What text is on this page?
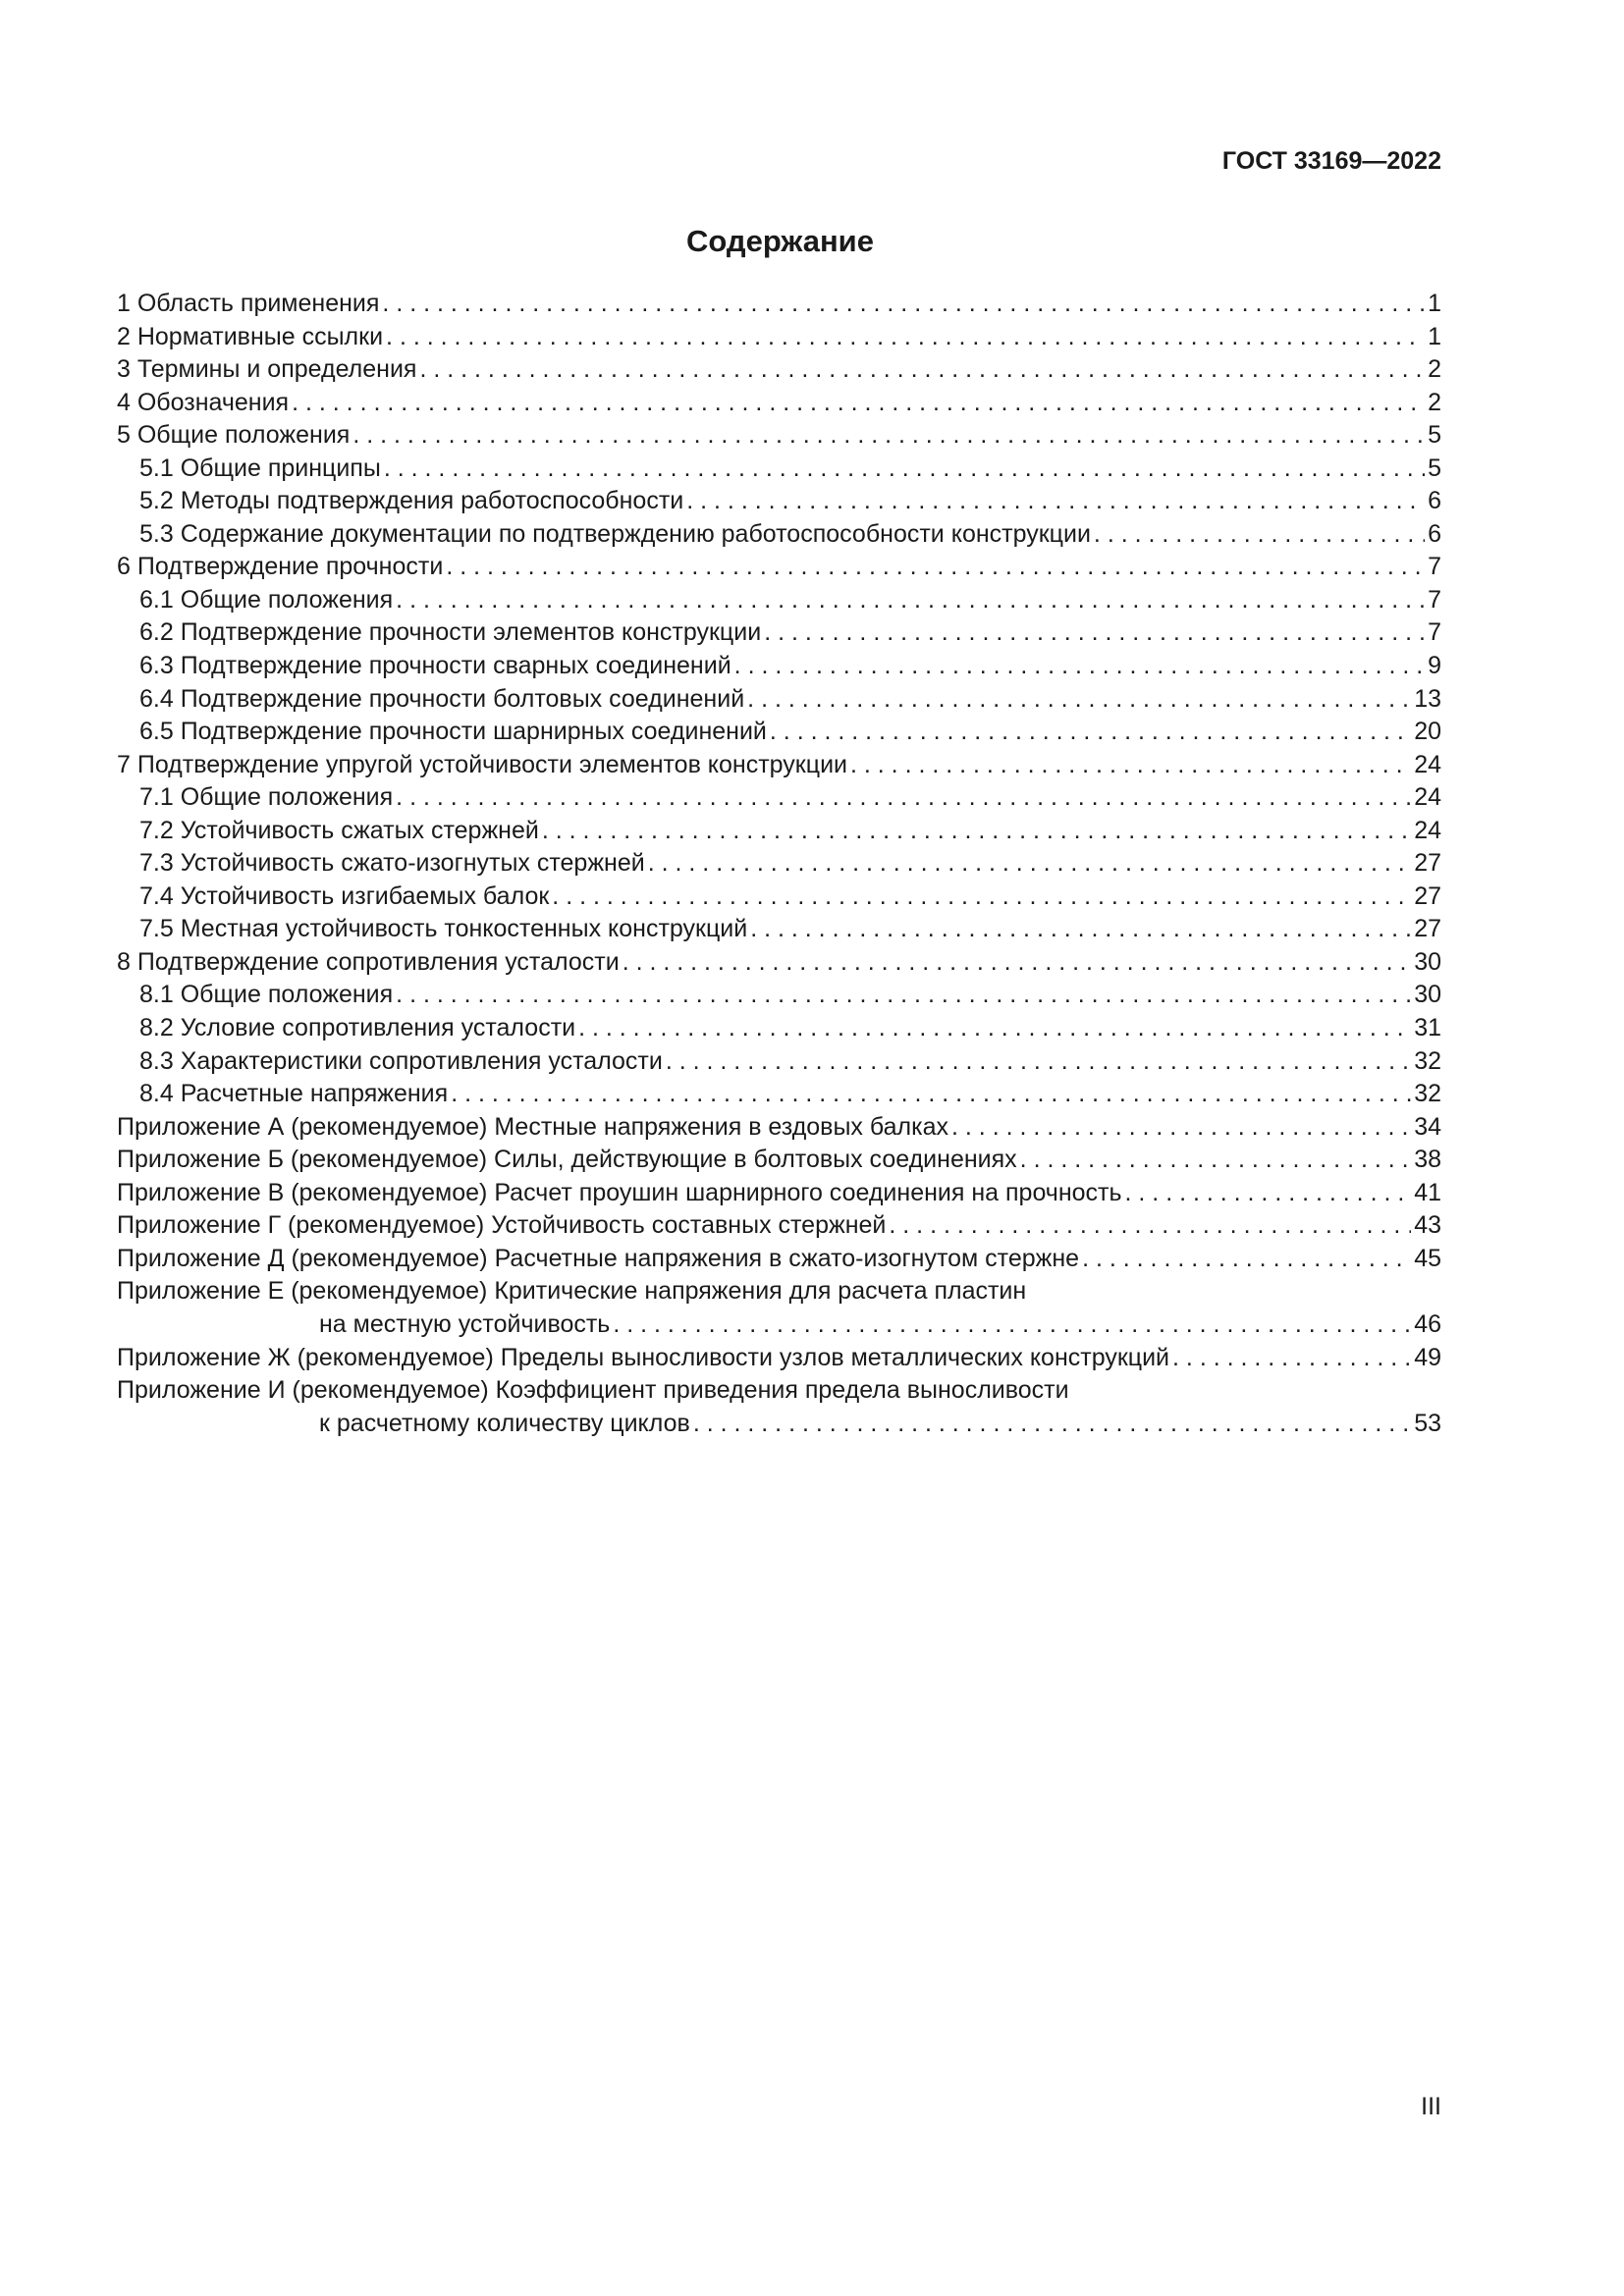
ГОСТ 33169—2022
Содержание
1 Область применения . . .	1
2 Нормативные ссылки . . .	1
3 Термины и определения . . .	2
4 Обозначения . . .	2
5 Общие положения . . .	5
5.1 Общие принципы . . .	5
5.2 Методы подтверждения работоспособности . . .	6
5.3 Содержание документации по подтверждению работоспособности конструкции . . .	6
6 Подтверждение прочности . . .	7
6.1 Общие положения . . .	7
6.2 Подтверждение прочности элементов конструкции . . .	7
6.3 Подтверждение прочности сварных соединений . . .	9
6.4 Подтверждение прочности болтовых соединений . . .	13
6.5 Подтверждение прочности шарнирных соединений . . .	20
7 Подтверждение упругой устойчивости элементов конструкции . . .	24
7.1 Общие положения . . .	24
7.2 Устойчивость сжатых стержней . . .	24
7.3 Устойчивость сжато-изогнутых стержней . . .	27
7.4 Устойчивость изгибаемых балок . . .	27
7.5 Местная устойчивость тонкостенных конструкций . . .	27
8 Подтверждение сопротивления усталости . . .	30
8.1 Общие положения . . .	30
8.2 Условие сопротивления усталости . . .	31
8.3 Характеристики сопротивления усталости . . .	32
8.4 Расчетные напряжения . . .	32
Приложение А (рекомендуемое) Местные напряжения в ездовых балках . . .	34
Приложение Б (рекомендуемое) Силы, действующие в болтовых соединениях . . .	38
Приложение В (рекомендуемое) Расчет проушин шарнирного соединения на прочность . . .	41
Приложение Г (рекомендуемое) Устойчивость составных стержней . . .	43
Приложение Д (рекомендуемое) Расчетные напряжения в сжато-изогнутом стержне . . .	45
Приложение Е (рекомендуемое) Критические напряжения для расчета пластин
на местную устойчивость . . .	46
Приложение Ж (рекомендуемое) Пределы выносливости узлов металлических конструкций . . .	49
Приложение И (рекомендуемое) Коэффициент приведения предела выносливости
к расчетному количеству циклов . . .	53
III
